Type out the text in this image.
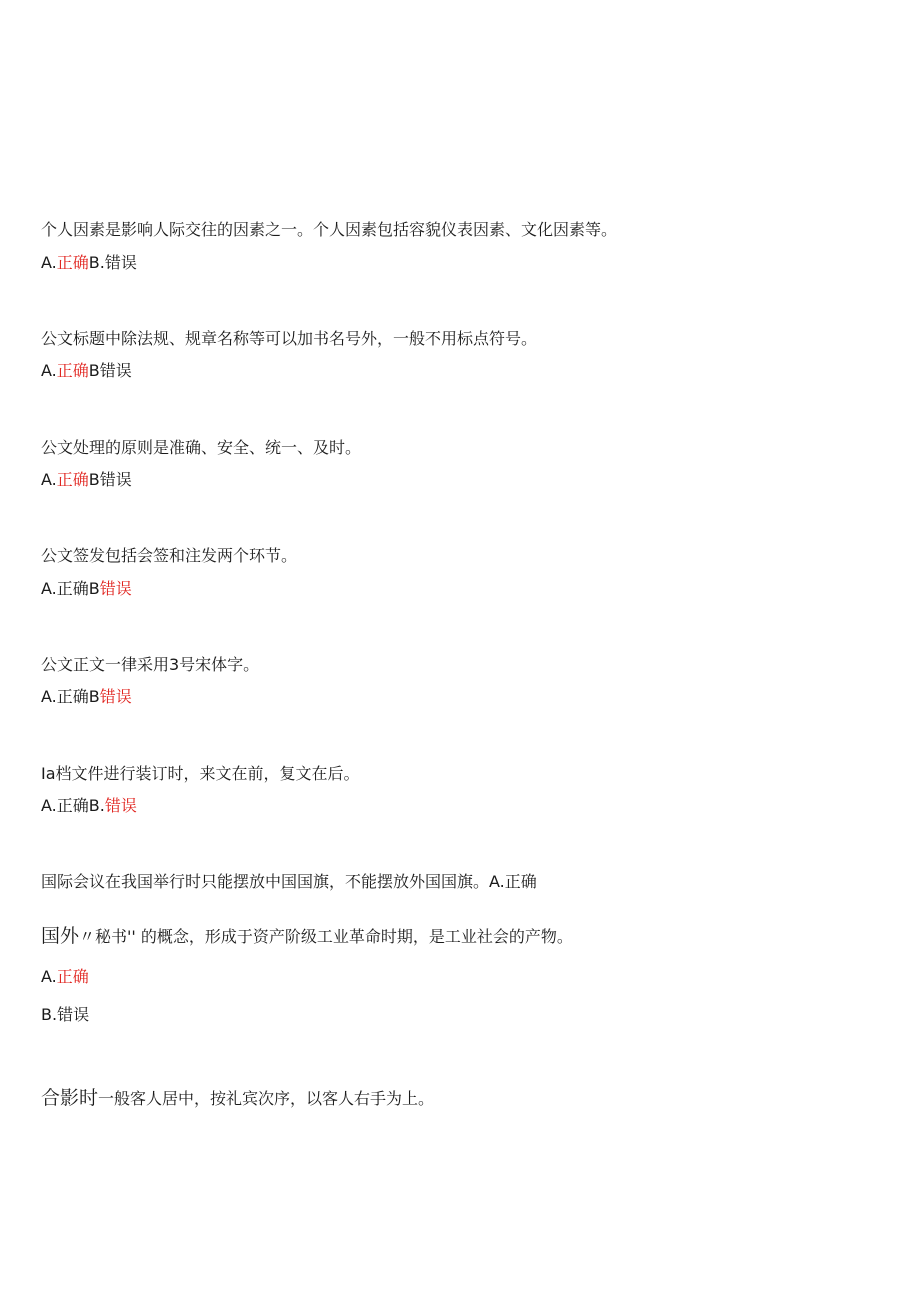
个人因素是影响人际交往的因素之一。个人因素包括容貌仪表因素、文化因素等。
A.正确B.错误
公文标题中除法规、规章名称等可以加书名号外，一般不用标点符号。
A.正确B错误
公文处理的原则是准确、安全、统一、及时。
A.正确B错误
公文签发包括会签和注发两个环节。
A.正确B错误
公文正文一律采用3号宋体字。
A.正确B错误
Ia档文件进行装订时，来文在前，复文在后。
A.正确B.错误
国际会议在我国举行时只能摆放中国国旗，不能摆放外国国旗。A.正确
国外〃秘书'' 的概念，形成于资产阶级工业革命时期，是工业社会的产物。
A.正确
B.错误
合影时一般客人居中，按礼宾次序，以客人右手为上。
